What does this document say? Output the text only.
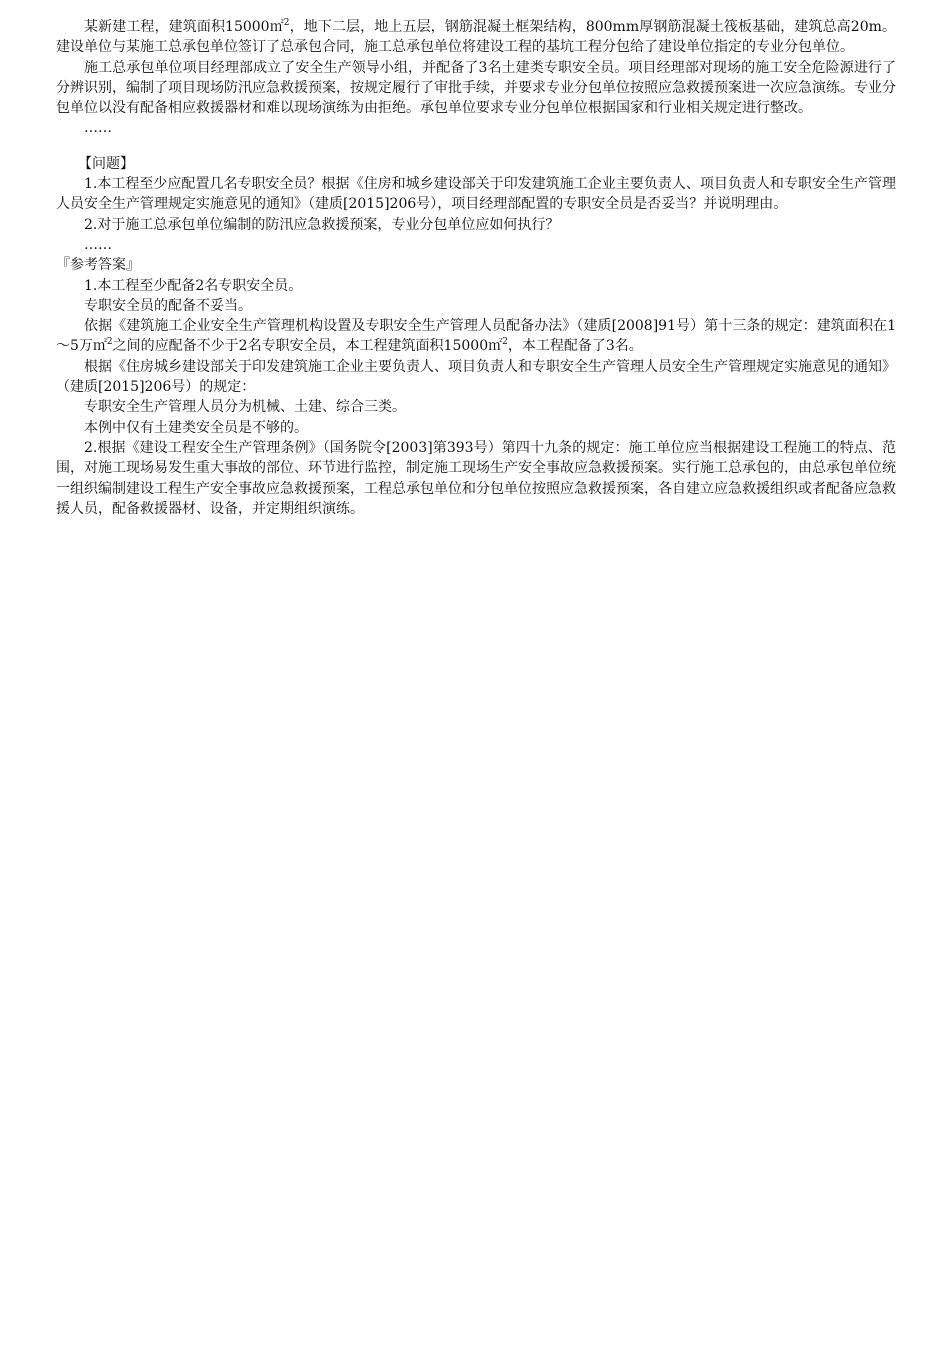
某新建工程，建筑面积15000㎡$^2$，地下二层，地上五层，钢筋混凝土框架结构，800mm厚钢筋混凝土筏板基础，建筑总高20m。建设单位与某施工总承包单位签订了总承包合同，施工总承包单位将建设工程的基坑工程分包给了建设单位指定的专业分包单位。

施工总承包单位项目经理部成立了安全生产领导小组，并配备了3名土建类专职安全员。项目经理部对现场的施工安全危险源进行了分辨识别，编制了项目现场防汛应急救援预案，按规定履行了审批手续，并要求专业分包单位按照应急救援预案进一次应急演练。专业分包单位以没有配备相应救援器材和难以现场演练为由拒绝。承包单位要求专业分包单位根据国家和行业相关规定进行整改。

……

【问题】

1.本工程至少应配置几名专职安全员？根据《住房和城乡建设部关于印发建筑施工企业主要负责人、项目负责人和专职安全生产管理人员安全生产管理规定实施意见的通知》（建质[2015]206号），项目经理部配置的专职安全员是否妥当？并说明理由。

2.对于施工总承包单位编制的防汛应急救援预案，专业分包单位应如何执行？

……

『参考答案』

1.本工程至少配备2名专职安全员。

专职安全员的配备不妥当。

依据《建筑施工企业安全生产管理机构设置及专职安全生产管理人员配备办法》（建质[2008]91号）第十三条的规定：建筑面积在1～5万㎡$^2$之间的应配备不少于2名专职安全员，本工程建筑面积15000㎡$^2$，本工程配备了3名。

根据《住房城乡建设部关于印发建筑施工企业主要负责人、项目负责人和专职安全生产管理人员安全生产管理规定实施意见的通知》（建质[2015]206号）的规定：

专职安全生产管理人员分为机械、土建、综合三类。

本例中仅有土建类安全员是不够的。

2.根据《建设工程安全生产管理条例》（国务院令[2003]第393号）第四十九条的规定：施工单位应当根据建设工程施工的特点、范围，对施工现场易发生重大事故的部位、环节进行监控，制定施工现场生产安全事故应急救援预案。实行施工总承包的，由总承包单位统一组织编制建设工程生产安全事故应急救援预案，工程总承包单位和分包单位按照应急救援预案，各自建立应急救援组织或者配备应急救援人员，配备救援器材、设备，并定期组织演练。
